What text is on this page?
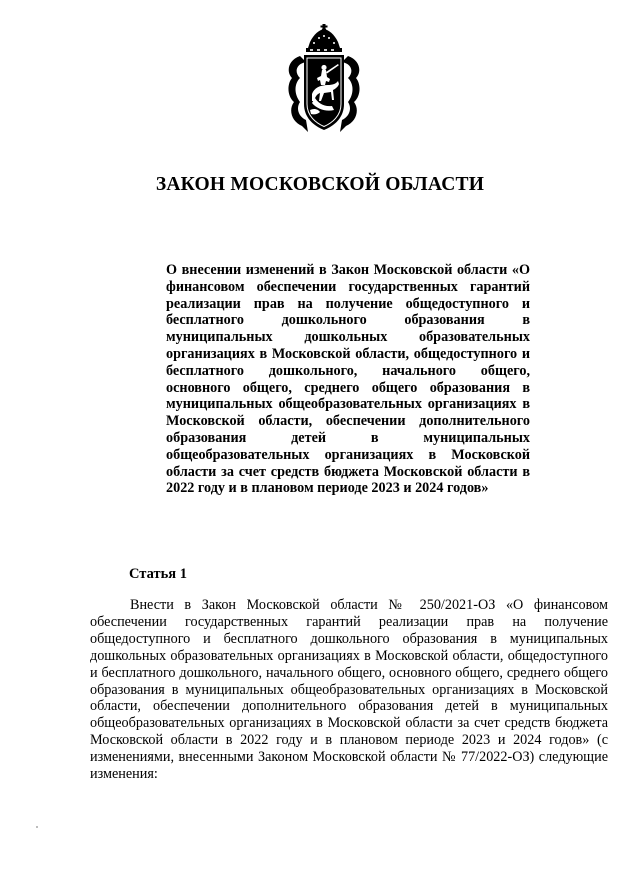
ЗАКОН МОСКОВСКОЙ ОБЛАСТИ

О внесении изменений в Закон Московской области «О финансовом обеспечении государственных гарантий реализации прав на получение общедоступного и бесплатного дошкольного образования в муниципальных дошкольных образовательных организациях в Московской области, общедоступного и бесплатного дошкольного, начального общего, основного общего, среднего общего образования в муниципальных общеобразовательных организациях в Московской области, обеспечении дополнительного образования детей в муниципальных общеобразовательных организациях в Московской области за счет средств бюджета Московской области в 2022 году и в плановом периоде 2023 и 2024 годов»

Статья 1

Внести в Закон Московской области № 250/2021-ОЗ «О финансовом обеспечении государственных гарантий реализации прав на получение общедоступного и бесплатного дошкольного образования в муниципальных дошкольных образовательных организациях в Московской области, общедоступного и бесплатного дошкольного, начального общего, основного общего, среднего общего образования в муниципальных общеобразовательных организациях в Московской области, обеспечении дополнительного образования детей в муниципальных общеобразовательных организациях в Московской области за счет средств бюджета Московской области в 2022 году и в плановом периоде 2023 и 2024 годов» (с изменениями, внесенными Законом Московской области № 77/2022-ОЗ) следующие изменения:
